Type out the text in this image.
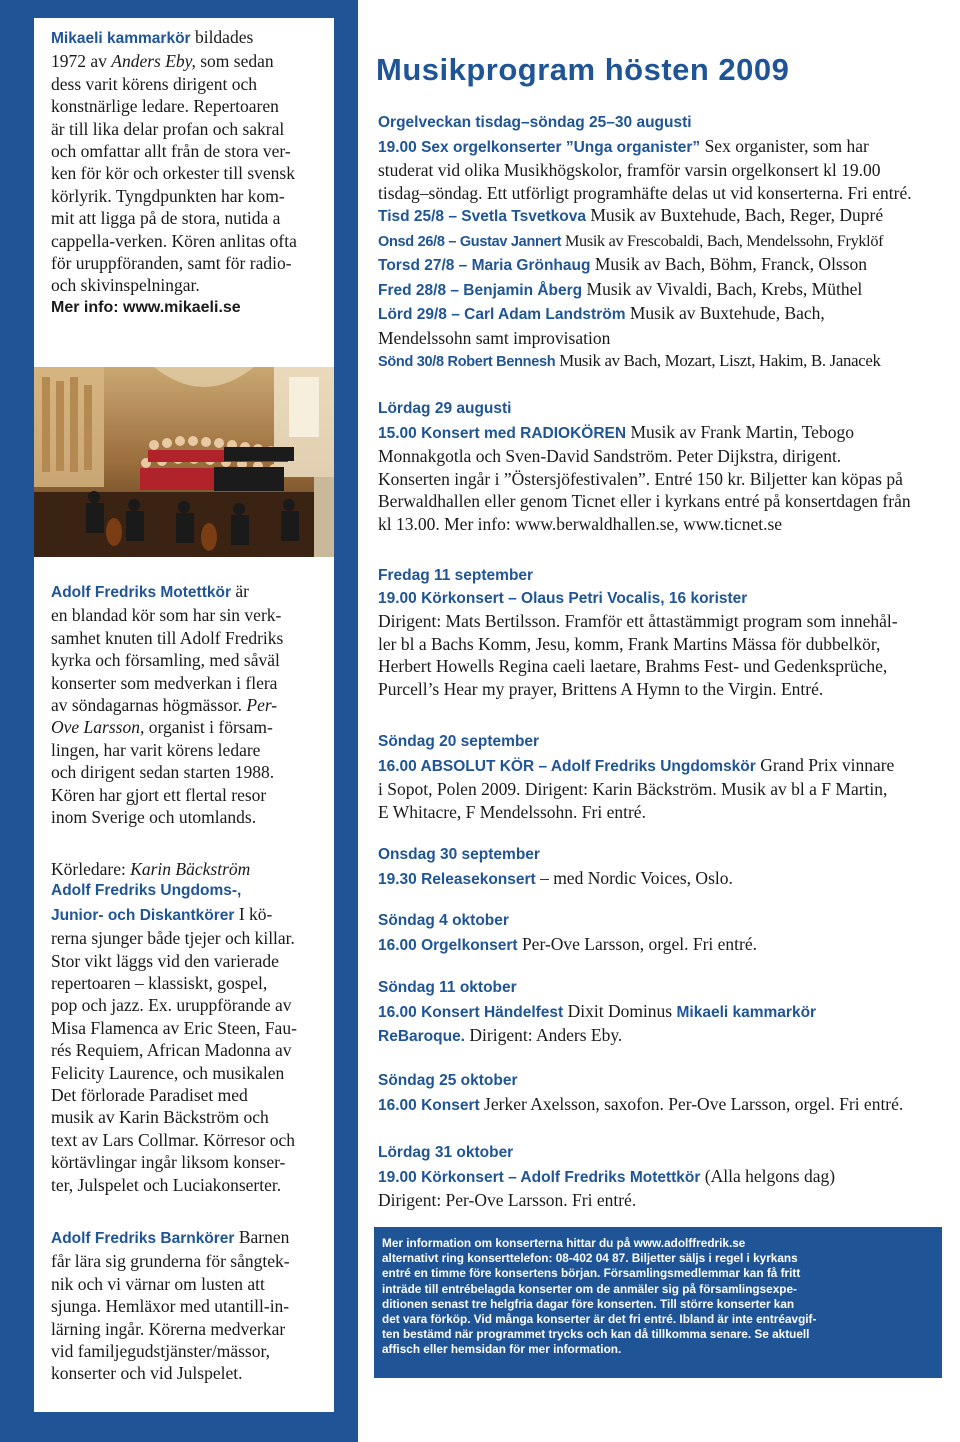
Mikaeli kammarkör bildades
1972 av Anders Eby, som sedan
dess varit körens dirigent och
konstnärlige ledare. Repertoaren
är till lika delar profan och sakral
och omfattar allt från de stora ver-
ken för kör och orkester till svensk
körlyrik. Tyngdpunkten har kom-
mit att ligga på de stora, nutida a
cappella-verken. Kören anlitas ofta
för uruppföranden, samt för radio-
och skivinspelningar.
Mer info: www.mikaeli.se
Adolf Fredriks Motettkör är
en blandad kör som har sin verk-
samhet knuten till Adolf Fredriks
kyrka och församling, med såväl
konserter som medverkan i flera
av söndagarnas högmässor. Per-
Ove Larsson, organist i försam-
lingen, har varit körens ledare
och dirigent sedan starten 1988.
Kören har gjort ett flertal resor
inom Sverige och utomlands.
Körledare: Karin Bäckström
Adolf Fredriks Ungdoms-,
Junior- och Diskantkörer I kö-
rerna sjunger både tjejer och killar.
Stor vikt läggs vid den varierade
repertoaren – klassiskt, gospel,
pop och jazz. Ex. uruppförande av
Misa Flamenca av Eric Steen, Fau-
rés Requiem, African Madonna av
Felicity Laurence, och musikalen
Det förlorade Paradiset med
musik av Karin Bäckström och
text av Lars Collmar. Körresor och
körtävlingar ingår liksom konser-
ter, Julspelet och Luciakonserter.
Adolf Fredriks Barnkörer Barnen
får lära sig grunderna för sångtek-
nik och vi värnar om lusten att
sjunga. Hemläxor med utantill-in-
lärning ingår. Körerna medverkar
vid familjegudstjänster/mässor,
konserter och vid Julspelet.
Musikprogram hösten 2009
Orgelveckan tisdag–söndag 25–30 augusti
19.00 Sex orgelkonserter ”Unga organister” Sex organister, som har
studerat vid olika Musikhögskolor, framför varsin orgelkonsert kl 19.00
tisdag–söndag. Ett utförligt programhäfte delas ut vid konserterna. Fri entré.
Tisd 25/8 – Svetla Tsvetkova Musik av Buxtehude, Bach, Reger, Dupré
Onsd 26/8 – Gustav Jannert Musik av Frescobaldi, Bach, Mendelssohn, Fryklöf
Torsd 27/8 – Maria Grönhaug Musik av Bach, Böhm, Franck, Olsson
Fred 28/8 – Benjamin Åberg Musik av Vivaldi, Bach, Krebs, Müthel
Lörd 29/8 – Carl Adam Landström Musik av Buxtehude, Bach,
Mendelssohn samt improvisation
Sönd 30/8 Robert Bennesh Musik av Bach, Mozart, Liszt, Hakim, B. Janacek
Lördag 29 augusti
15.00 Konsert med RADIOKÖREN Musik av Frank Martin, Tebogo
Monnakgotla och Sven-David Sandström. Peter Dijkstra, dirigent.
Konserten ingår i ”Östersjöfestivalen”. Entré 150 kr. Biljetter kan köpas på
Berwaldhallen eller genom Ticnet eller i kyrkans entré på konsertdagen från
kl 13.00. Mer info: www.berwaldhallen.se, www.ticnet.se
Fredag 11 september
19.00 Körkonsert – Olaus Petri Vocalis, 16 korister
Dirigent: Mats Bertilsson. Framför ett åttastämmigt program som innehål-
ler bl a Bachs Komm, Jesu, komm, Frank Martins Mässa för dubbelkör,
Herbert Howells Regina caeli laetare, Brahms Fest- und Gedenksprüche,
Purcell’s Hear my prayer, Brittens A Hymn to the Virgin. Entré.
Söndag 20 september
16.00 ABSOLUT KÖR – Adolf Fredriks Ungdomskör Grand Prix vinnare
i Sopot, Polen 2009. Dirigent: Karin Bäckström. Musik av bl a F Martin,
E Whitacre, F Mendelssohn. Fri entré.
Onsdag 30 september
19.30 Releasekonsert – med Nordic Voices, Oslo.
Söndag 4 oktober
16.00 Orgelkonsert Per-Ove Larsson, orgel. Fri entré.
Söndag 11 oktober
16.00 Konsert Händelfest Dixit Dominus Mikaeli kammarkör
ReBaroque. Dirigent: Anders Eby.
Söndag 25 oktober
16.00 Konsert Jerker Axelsson, saxofon. Per-Ove Larsson, orgel. Fri entré.
Lördag 31 oktober
19.00 Körkonsert – Adolf Fredriks Motettkör (Alla helgons dag)
Dirigent: Per-Ove Larsson. Fri entré.
Mer information om konserterna hittar du på www.adolffredrik.se
alternativt ring konserttelefon: 08-402 04 87. Biljetter säljs i regel i kyrkans
entré en timme före konsertens början. Församlingsmedlemmar kan få fritt
inträde till entrébelagda konserter om de anmäler sig på församlingsexpe-
ditionen senast tre helgfria dagar före konserten. Till större konserter kan
det vara förköp. Vid många konserter är det fri entré. Ibland är inte entréavgif-
ten bestämd när programmet trycks och kan då tillkomma senare. Se aktuell
affisch eller hemsidan för mer information.
